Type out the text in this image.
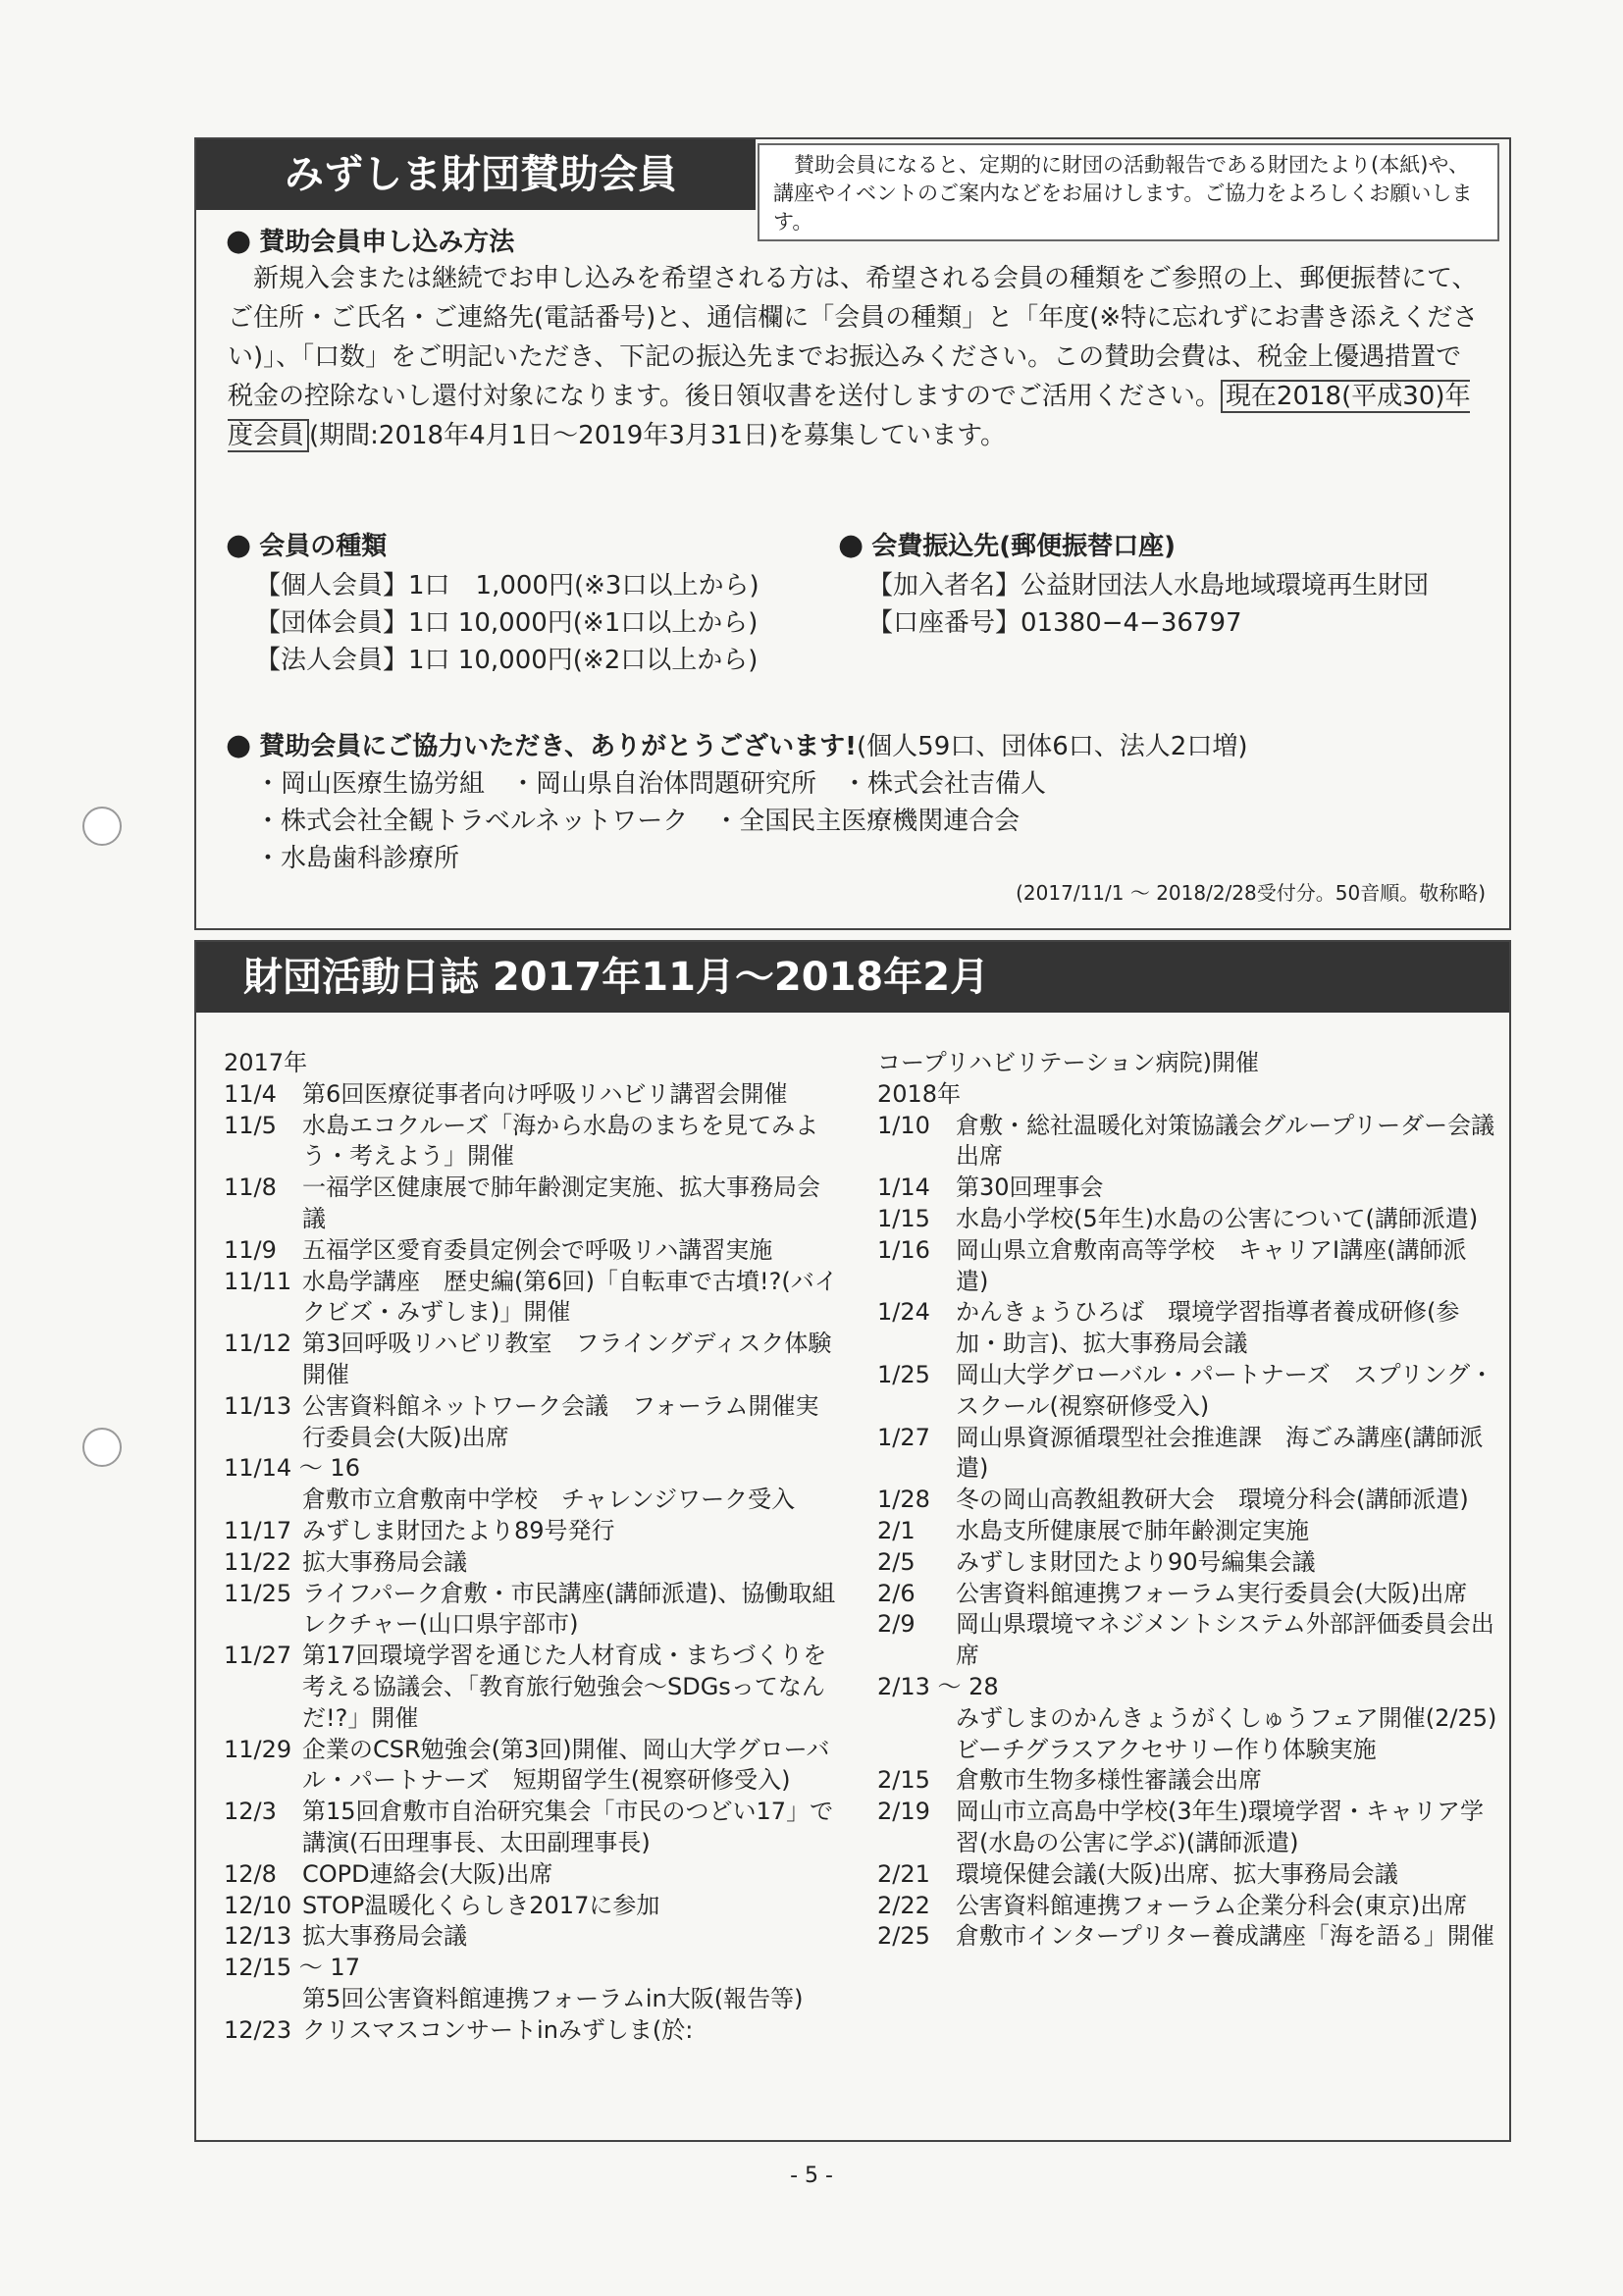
みずしま財団賛助会員	賛助会員になると、定期的に財団の活動報告である財団たより(本紙)や、講座やイベントのご案内などをお届けします。ご協力をよろしくお願いします。
● 賛助会員申し込み方法
新規入会または継続でお申し込みを希望される方は、希望される会員の種類をご参照の上、郵便振替にて、ご住所・ご氏名・ご連絡先(電話番号)と、通信欄に「会員の種類」と「年度(※特に忘れずにお書き添えください)」、「口数」をご明記いただき、下記の振込先までお振込みください。この賛助会費は、税金上優遇措置で税金の控除ないし還付対象になります。後日領収書を送付しますのでご活用ください。 現在2018(平成30)年度会員 (期間:2018年4月1日～2019年3月31日)を募集しています。
● 会員の種類
【個人会員】1口　1,000円(※3口以上から)
【団体会員】1口 10,000円(※1口以上から)
【法人会員】1口 10,000円(※2口以上から)
● 会費振込先(郵便振替口座)
【加入者名】公益財団法人水島地域環境再生財団
【口座番号】01380−4−36797
● 賛助会員にご協力いただき、ありがとうございます!(個人59口、団体6口、法人2口増)
・岡山医療生協労組　・岡山県自治体問題研究所　・株式会社吉備人
・株式会社全観トラベルネットワーク　・全国民主医療機関連合会
・水島歯科診療所
(2017/11/1 ～ 2018/2/28受付分。50音順。敬称略)
財団活動日誌 2017年11月～2018年2月
2017年
11/4	第6回医療従事者向け呼吸リハビリ講習会開催
11/5	水島エコクルーズ「海から水島のまちを見てみよう・考えよう」開催
11/8	一福学区健康展で肺年齢測定実施、拡大事務局会議
11/9	五福学区愛育委員定例会で呼吸リハ講習実施
11/11 水島学講座　歴史編(第6回)「自転車で古墳!?(バイクビズ・みずしま)」開催
11/12 第3回呼吸リハビリ教室　フライングディスク体験　開催
11/13 公害資料館ネットワーク会議　フォーラム開催実行委員会(大阪)出席
11/14 ～ 16
倉敷市立倉敷南中学校　チャレンジワーク受入
11/17 みずしま財団たより89号発行
11/22 拡大事務局会議
11/25 ライフパーク倉敷・市民講座(講師派遣)、協働取組レクチャー(山口県宇部市)
11/27 第17回環境学習を通じた人材育成・まちづくりを考える協議会、「教育旅行勉強会～SDGsってなんだ!?」開催
11/29 企業のCSR勉強会(第3回)開催、岡山大学グローバル・パートナーズ　短期留学生(視察研修受入)
12/3	第15回倉敷市自治研究集会「市民のつどい17」で講演(石田理事長、太田副理事長)
12/8	COPD連絡会(大阪)出席
12/10 STOP温暖化くらしき2017に参加
12/13 拡大事務局会議
12/15 ～ 17
第5回公害資料館連携フォーラムin大阪(報告等)
12/23 クリスマスコンサートinみずしま(於:
コープリハビリテーション病院)開催
2018年
1/10	倉敷・総社温暖化対策協議会グループリーダー会議出席
1/14	第30回理事会
1/15	水島小学校(5年生)水島の公害について(講師派遣)
1/16	岡山県立倉敷南高等学校　キャリアⅠ講座(講師派遣)
1/24	かんきょうひろば　環境学習指導者養成研修(参加・助言)、拡大事務局会議
1/25	岡山大学グローバル・パートナーズ　スプリング・スクール(視察研修受入)
1/27	岡山県資源循環型社会推進課　海ごみ講座(講師派遣)
1/28	冬の岡山高教組教研大会　環境分科会(講師派遣)
2/1	水島支所健康展で肺年齢測定実施
2/5	みずしま財団たより90号編集会議
2/6	公害資料館連携フォーラム実行委員会(大阪)出席
2/9	岡山県環境マネジメントシステム外部評価委員会出席
2/13 ～ 28
みずしまのかんきょうがくしゅうフェア開催(2/25)
ビーチグラスアクセサリー作り体験実施
2/15	倉敷市生物多様性審議会出席
2/19	岡山市立高島中学校(3年生)環境学習・キャリア学習(水島の公害に学ぶ)(講師派遣)
2/21	環境保健会議(大阪)出席、拡大事務局会議
2/22	公害資料館連携フォーラム企業分科会(東京)出席
2/25	倉敷市インタープリター養成講座「海を語る」開催
- 5 -
